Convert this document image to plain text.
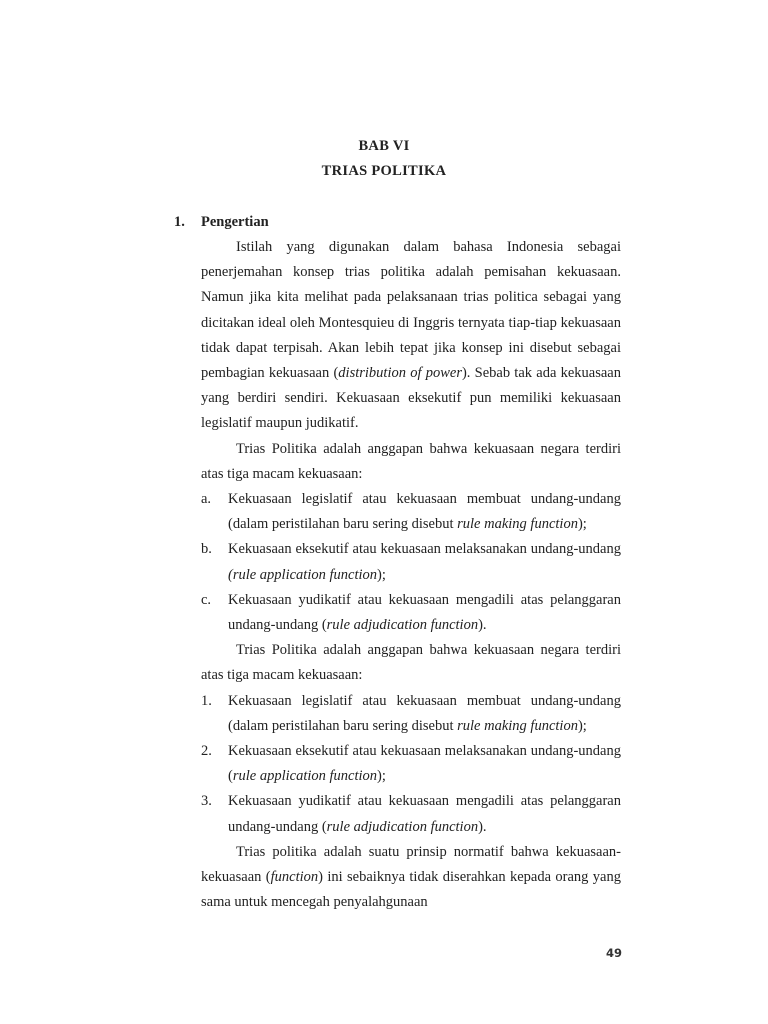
BAB VI
TRIAS POLITIKA
1. Pengertian

Istilah yang digunakan dalam bahasa Indonesia sebagai penerjemahan konsep trias politika adalah pemisahan kekuasaan. Namun jika kita melihat pada pelaksanaan trias politica sebagai yang dicitakan ideal oleh Montesquieu di Inggris ternyata tiap-tiap kekuasaan tidak dapat terpisah. Akan lebih tepat jika konsep ini disebut sebagai pembagian kekuasaan (distribution of power). Sebab tak ada kekuasaan yang berdiri sendiri. Kekuasaan eksekutif pun memiliki kekuasaan legislatif maupun judikatif.

Trias Politika adalah anggapan bahwa kekuasaan negara terdiri atas tiga macam kekuasaan:

a. Kekuasaan legislatif atau kekuasaan membuat undang-undang (dalam peristilahan baru sering disebut rule making function);
b. Kekuasaan eksekutif atau kekuasaan melaksanakan undang-undang (rule application function);
c. Kekuasaan yudikatif atau kekuasaan mengadili atas pelanggaran undang-undang (rule adjudication function).

Trias Politika adalah anggapan bahwa kekuasaan negara terdiri atas tiga macam kekuasaan:

1. Kekuasaan legislatif atau kekuasaan membuat undang-undang (dalam peristilahan baru sering disebut rule making function);
2. Kekuasaan eksekutif atau kekuasaan melaksanakan undang-undang (rule application function);
3. Kekuasaan yudikatif atau kekuasaan mengadili atas pelanggaran undang-undang (rule adjudication function).

Trias politika adalah suatu prinsip normatif bahwa kekuasaan-kekuasaan (function) ini sebaiknya tidak diserahkan kepada orang yang sama untuk mencegah penyalahgunaan

49
